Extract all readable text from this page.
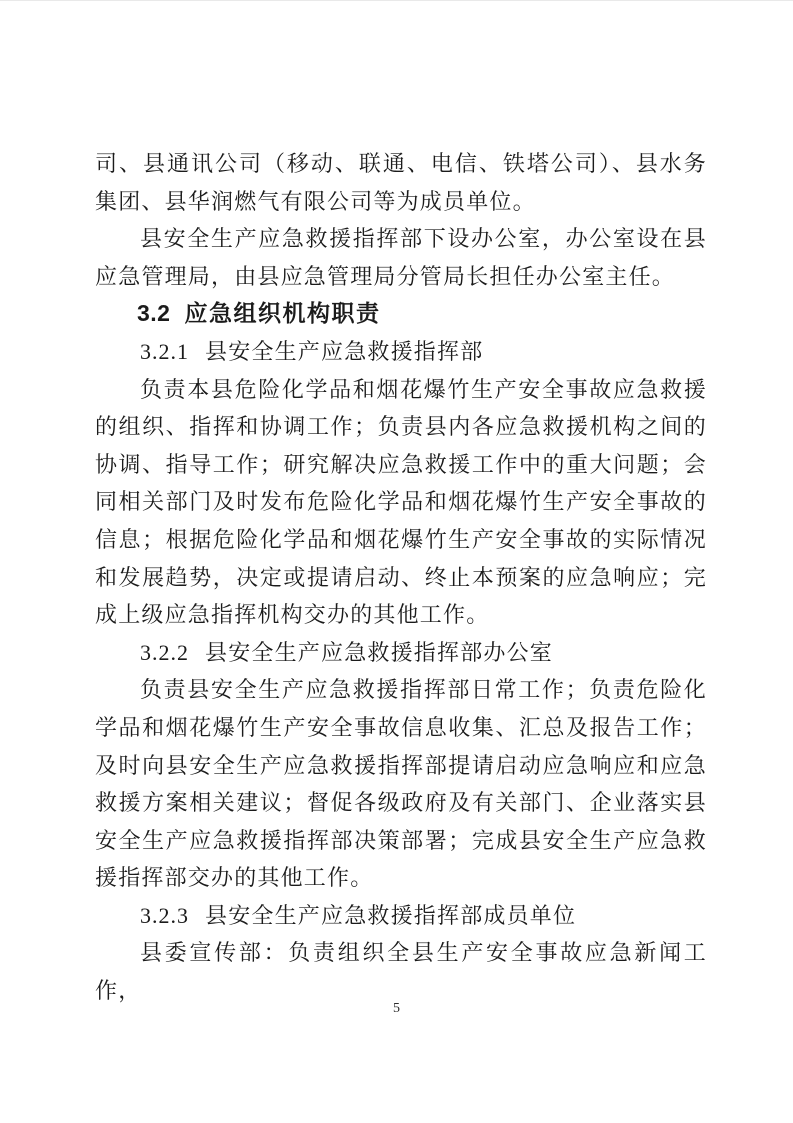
司、县通讯公司（移动、联通、电信、铁塔公司）、县水务集团、县华润燃气有限公司等为成员单位。

县安全生产应急救援指挥部下设办公室，办公室设在县应急管理局，由县应急管理局分管局长担任办公室主任。

3.2 应急组织机构职责
3.2.1 县安全生产应急救援指挥部

负责本县危险化学品和烟花爆竹生产安全事故应急救援的组织、指挥和协调工作；负责县内各应急救援机构之间的协调、指导工作；研究解决应急救援工作中的重大问题；会同相关部门及时发布危险化学品和烟花爆竹生产安全事故的信息；根据危险化学品和烟花爆竹生产安全事故的实际情况和发展趋势，决定或提请启动、终止本预案的应急响应；完成上级应急指挥机构交办的其他工作。

3.2.2 县安全生产应急救援指挥部办公室

负责县安全生产应急救援指挥部日常工作；负责危险化学品和烟花爆竹生产安全事故信息收集、汇总及报告工作；及时向县安全生产应急救援指挥部提请启动应急响应和应急救援方案相关建议；督促各级政府及有关部门、企业落实县安全生产应急救援指挥部决策部署；完成县安全生产应急救援指挥部交办的其他工作。

3.2.3 县安全生产应急救援指挥部成员单位

县委宣传部：负责组织全县生产安全事故应急新闻工作，

5
